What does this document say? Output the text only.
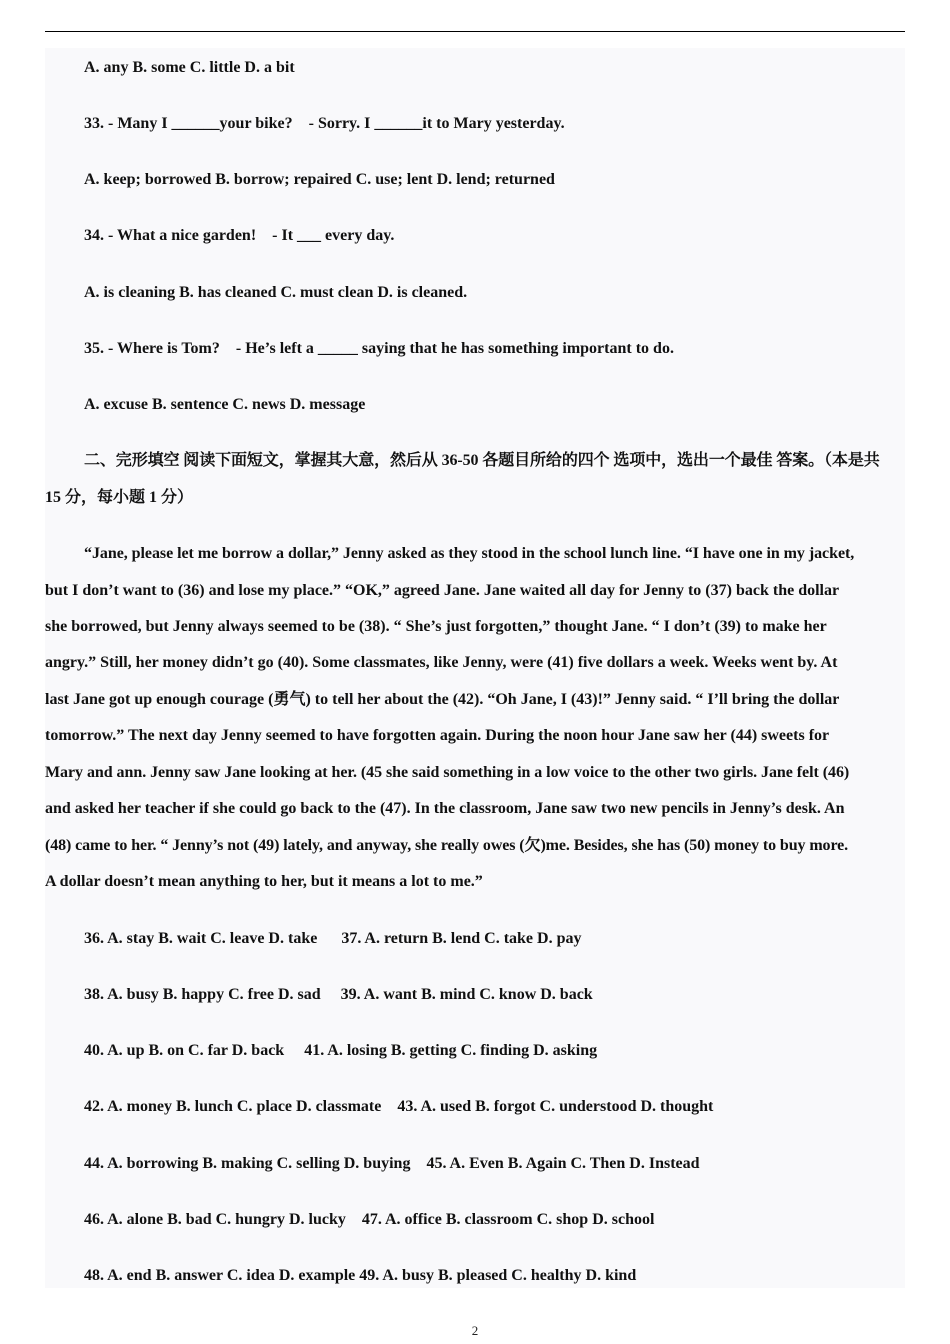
A. any B. some C. little D. a bit
33. - Many I ______your bike?    - Sorry. I ______it to Mary yesterday.
A. keep; borrowed B. borrow; repaired C. use; lent D. lend; returned
34. - What a nice garden!    - It ___ every day.
A. is cleaning B. has cleaned C. must clean D. is cleaned.
35. - Where is Tom?    - He’s left a _____ saying that he has something important to do.
A. excuse B. sentence C. news D. message
二、完形填空 阅读下面短文，掌握其大意，然后从 36-50 各题目所给的四个 选项中，选出一个最佳 答案。（本是共
15 分，每小题 1 分）
“Jane, please let me borrow a dollar,” Jenny asked as they stood in the school lunch line. “I have one in my jacket,
but I don’t want to (36) and lose my place.” “OK,” agreed Jane. Jane waited all day for Jenny to (37) back the dollar
she borrowed, but Jenny always seemed to be (38). “ She’s just forgotten,” thought Jane. “ I don’t (39) to make her
angry.” Still, her money didn’t go (40). Some classmates, like Jenny, were (41) five dollars a week. Weeks went by. At
last Jane got up enough courage (勇气) to tell her about the (42). “Oh Jane, I (43)!” Jenny said. “ I’ll bring the dollar
tomorrow.” The next day Jenny seemed to have forgotten again. During the noon hour Jane saw her (44) sweets for
Mary and ann. Jenny saw Jane looking at her. (45 she said something in a low voice to the other two girls. Jane felt (46)
and asked her teacher if she could go back to the (47). In the classroom, Jane saw two new pencils in Jenny’s desk. An
(48) came to her. “ Jenny’s not (49) lately, and anyway, she really owes (欠)me. Besides, she has (50) money to buy more.
A dollar doesn’t mean anything to her, but it means a lot to me.”
36. A. stay B. wait C. leave D. take      37. A. return B. lend C. take D. pay
38. A. busy B. happy C. free D. sad     39. A. want B. mind C. know D. back
40. A. up B. on C. far D. back     41. A. losing B. getting C. finding D. asking
42. A. money B. lunch C. place D. classmate    43. A. used B. forgot C. understood D. thought
44. A. borrowing B. making C. selling D. buying    45. A. Even B. Again C. Then D. Instead
46. A. alone B. bad C. hungry D. lucky    47. A. office B. classroom C. shop D. school
48. A. end B. answer C. idea D. example 49. A. busy B. pleased C. healthy D. kind
2
